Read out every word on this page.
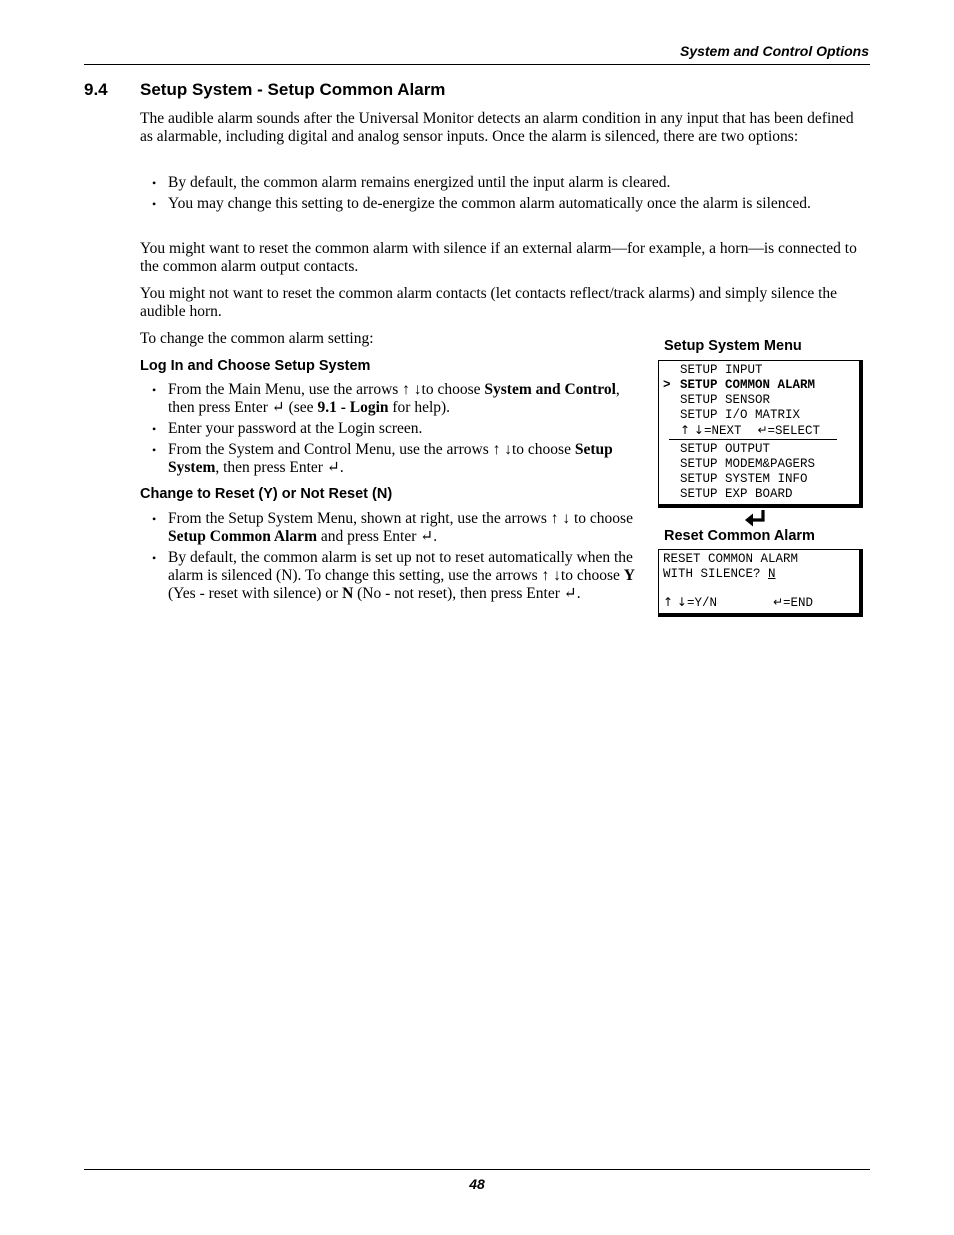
System and Control Options
9.4 Setup System - Setup Common Alarm
The audible alarm sounds after the Universal Monitor detects an alarm condition in any input that has been defined as alarmable, including digital and analog sensor inputs. Once the alarm is silenced, there are two options:
• By default, the common alarm remains energized until the input alarm is cleared.
• You may change this setting to de-energize the common alarm automatically once the alarm is silenced.
You might want to reset the common alarm with silence if an external alarm—for example, a horn—is connected to the common alarm output contacts.
You might not want to reset the common alarm contacts (let contacts reflect/track alarms) and simply silence the audible horn.
To change the common alarm setting:
Log In and Choose Setup System
• From the Main Menu, use the arrows ↑ ↓to choose System and Control, then press Enter ↵ (see 9.1 - Login for help).
• Enter your password at the Login screen.
• From the System and Control Menu, use the arrows ↑ ↓to choose Setup System, then press Enter ↵.
Change to Reset (Y) or Not Reset (N)
• From the Setup System Menu, shown at right, use the arrows ↑ ↓ to choose Setup Common Alarm and press Enter ↵.
• By default, the common alarm is set up not to reset automatically when the alarm is silenced (N). To change this setting, use the arrows ↑ ↓to choose Y (Yes - reset with silence) or N (No - not reset), then press Enter ↵.
Setup System Menu
SETUP INPUT
> SETUP COMMON ALARM
SETUP SENSOR
SETUP I/O MATRIX
↑ ↓=NEXT ↵=SELECT
SETUP OUTPUT
SETUP MODEM&PAGERS
SETUP SYSTEM INFO
SETUP EXP BOARD
Reset Common Alarm
RESET COMMON ALARM
WITH SILENCE? N
↑ ↓=Y/N	↵=END
48
